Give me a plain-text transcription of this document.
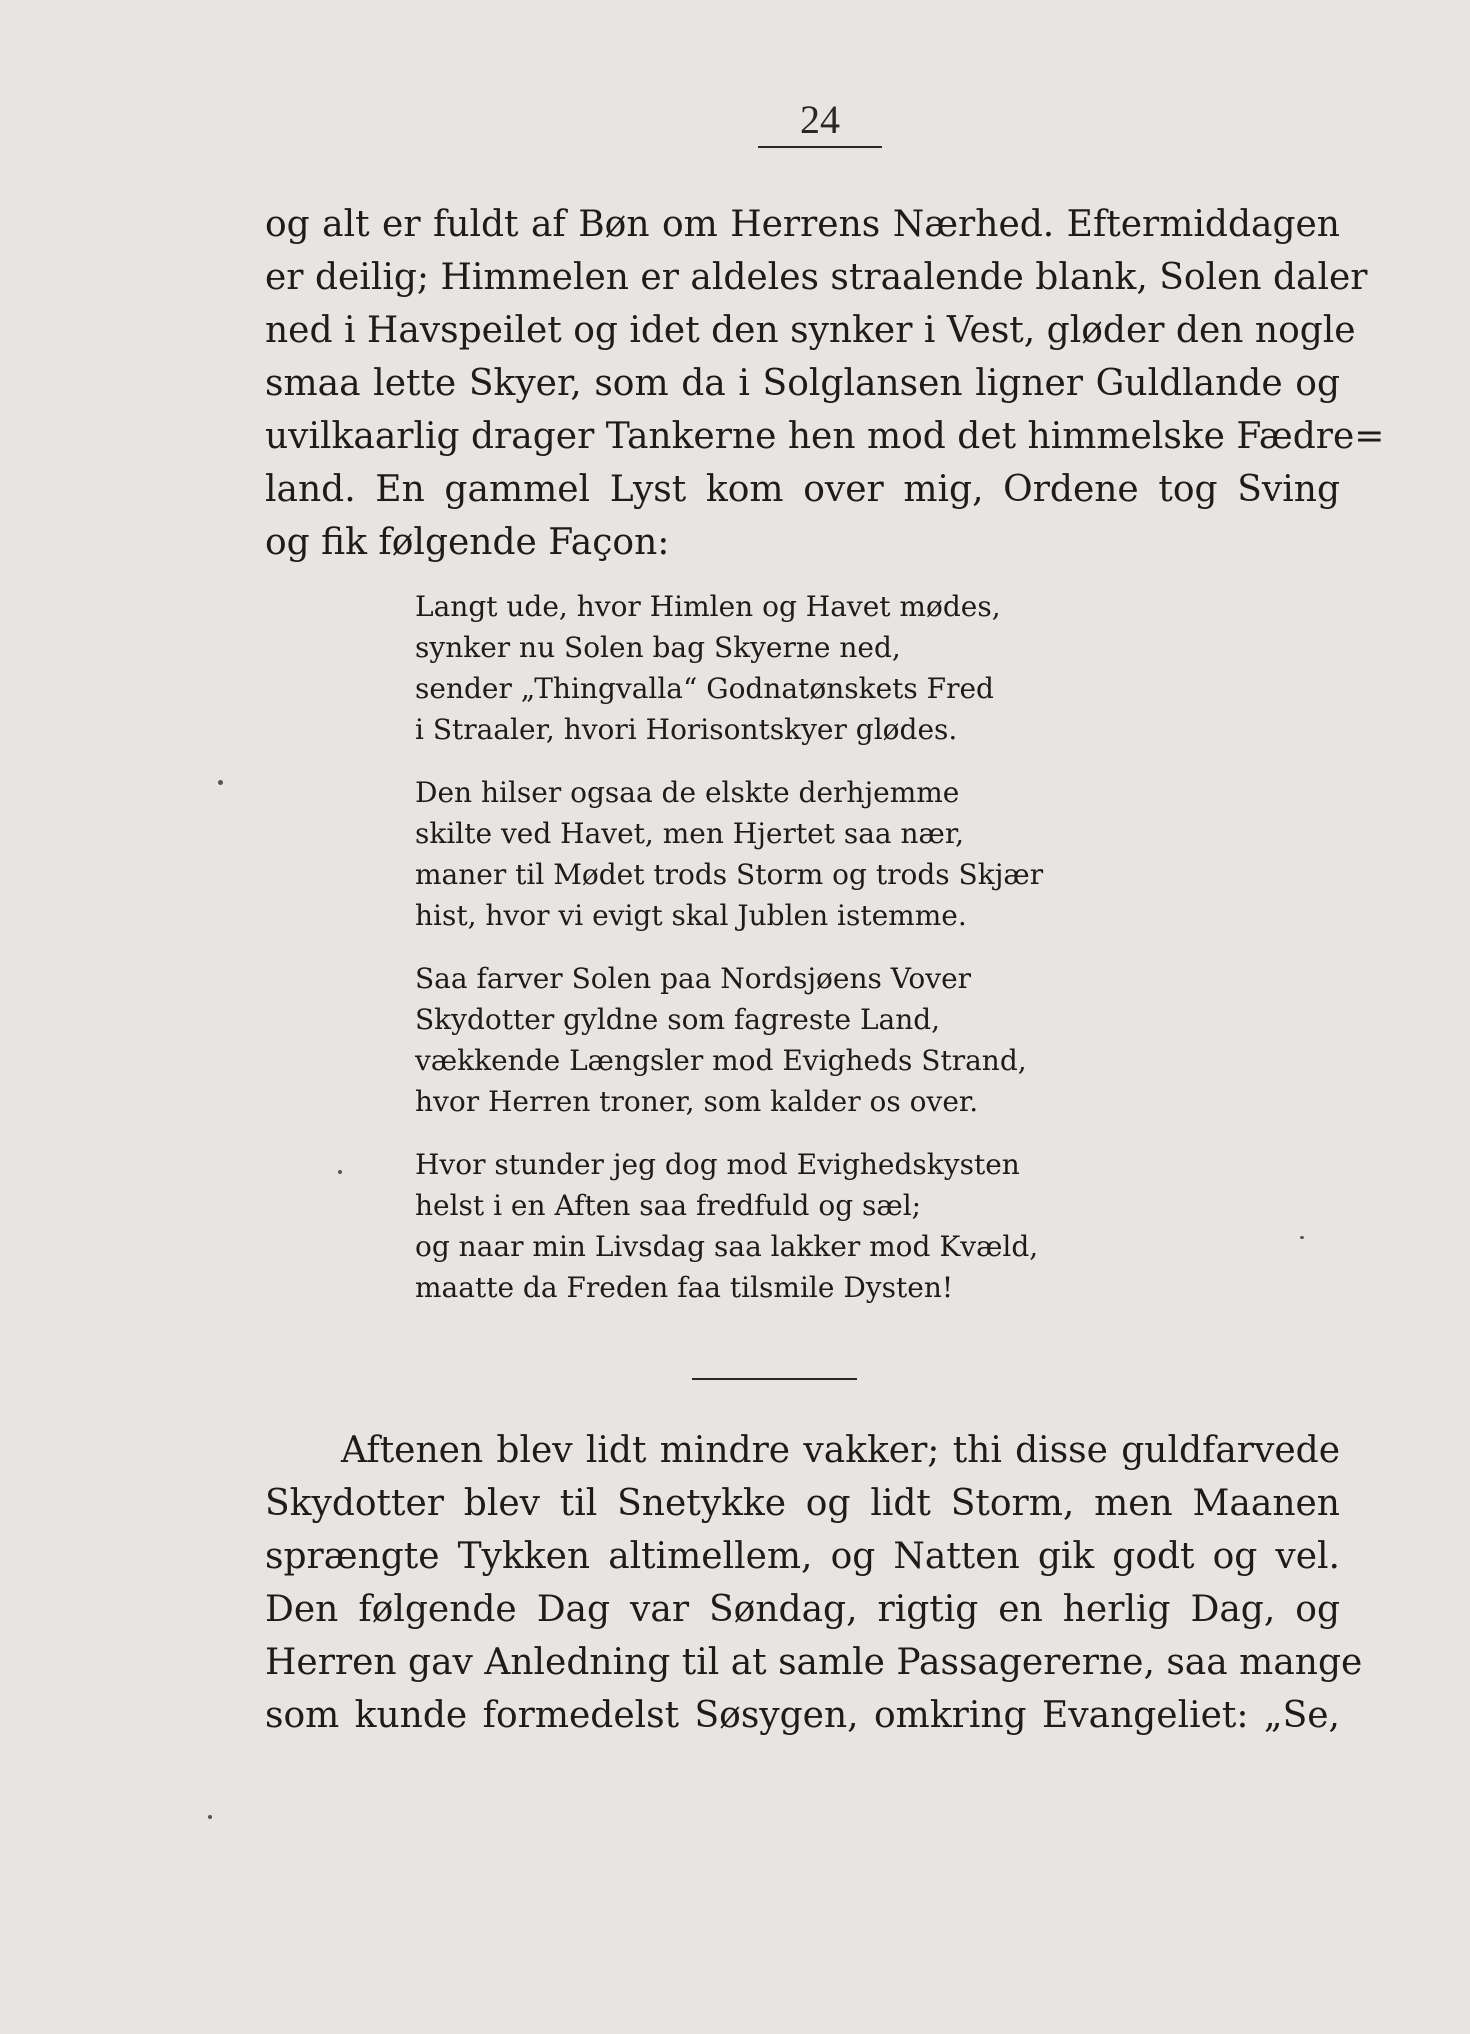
24
og alt er fuldt af Bøn om Herrens Nærhed. Eftermiddagen
er deilig; Himmelen er aldeles straalende blank, Solen daler
ned i Havspeilet og idet den synker i Vest, gløder den nogle
smaa lette Skyer, som da i Solglansen ligner Guldlande og
uvilkaarlig drager Tankerne hen mod det himmelske Fædre=
land. En gammel Lyst kom over mig, Ordene tog Sving
og fik følgende Façon:
Langt ude, hvor Himlen og Havet mødes,
synker nu Solen bag Skyerne ned,
sender „Thingvalla“ Godnatønskets Fred
i Straaler, hvori Horisontskyer glødes.
Den hilser ogsaa de elskte derhjemme
skilte ved Havet, men Hjertet saa nær,
maner til Mødet trods Storm og trods Skjær
hist, hvor vi evigt skal Jublen istemme.
Saa farver Solen paa Nordsjøens Vover
Skydotter gyldne som fagreste Land,
vækkende Længsler mod Evigheds Strand,
hvor Herren troner, som kalder os over.
Hvor stunder jeg dog mod Evighedskysten
helst i en Aften saa fredfuld og sæl;
og naar min Livsdag saa lakker mod Kvæld,
maatte da Freden faa tilsmile Dysten!
Aftenen blev lidt mindre vakker; thi disse guldfarvede
Skydotter blev til Snetykke og lidt Storm, men Maanen
sprængte Tykken altimellem, og Natten gik godt og vel.
Den følgende Dag var Søndag, rigtig en herlig Dag, og
Herren gav Anledning til at samle Passagererne, saa mange
som kunde formedelst Søsygen, omkring Evangeliet: „Se,
